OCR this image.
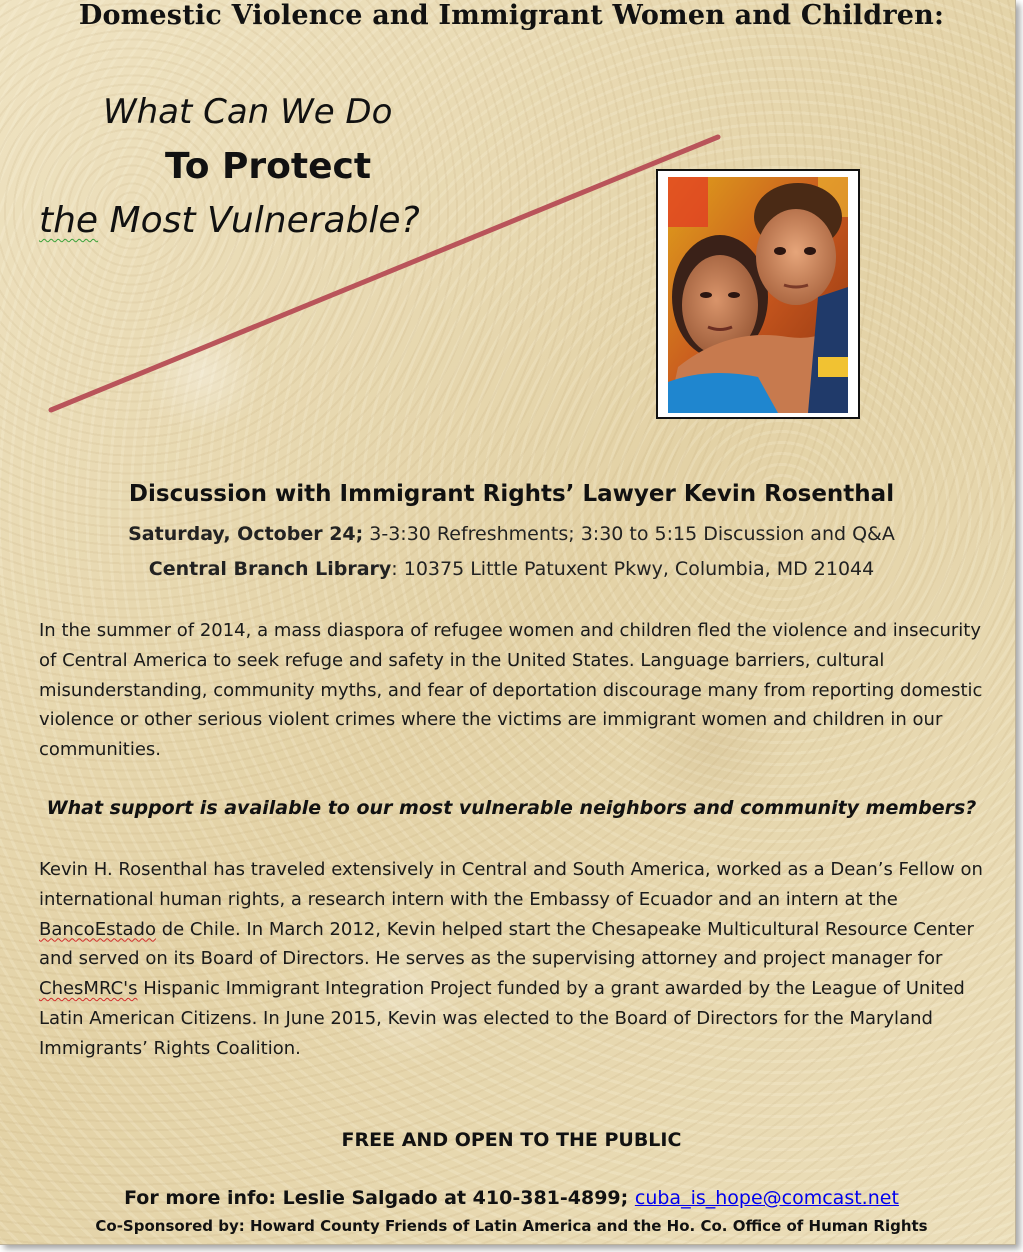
Domestic Violence and Immigrant Women and Children:
What Can We Do
To Protect
the Most Vulnerable?
Discussion with Immigrant Rights’ Lawyer Kevin Rosenthal
Saturday, October 24; 3-3:30 Refreshments; 3:30 to 5:15 Discussion and Q&A
Central Branch Library: 10375 Little Patuxent Pkwy, Columbia, MD 21044
In the summer of 2014, a mass diaspora of refugee women and children fled the violence and insecurity of Central America to seek refuge and safety in the United States. Language barriers, cultural misunderstanding, community myths, and fear of deportation discourage many from reporting domestic violence or other serious violent crimes where the victims are immigrant women and children in our communities.
What support is available to our most vulnerable neighbors and community members?
Kevin H. Rosenthal has traveled extensively in Central and South America, worked as a Dean’s Fellow on international human rights, a research intern with the Embassy of Ecuador and an intern at the BancoEstado de Chile. In March 2012, Kevin helped start the Chesapeake Multicultural Resource Center and served on its Board of Directors. He serves as the supervising attorney and project manager for ChesMRC's Hispanic Immigrant Integration Project funded by a grant awarded by the League of United Latin American Citizens. In June 2015, Kevin was elected to the Board of Directors for the Maryland Immigrants’ Rights Coalition.
FREE AND OPEN TO THE PUBLIC
For more info: Leslie Salgado at 410-381-4899; cuba_is_hope@comcast.net
Co-Sponsored by: Howard County Friends of Latin America and the Ho. Co. Office of Human Rights
